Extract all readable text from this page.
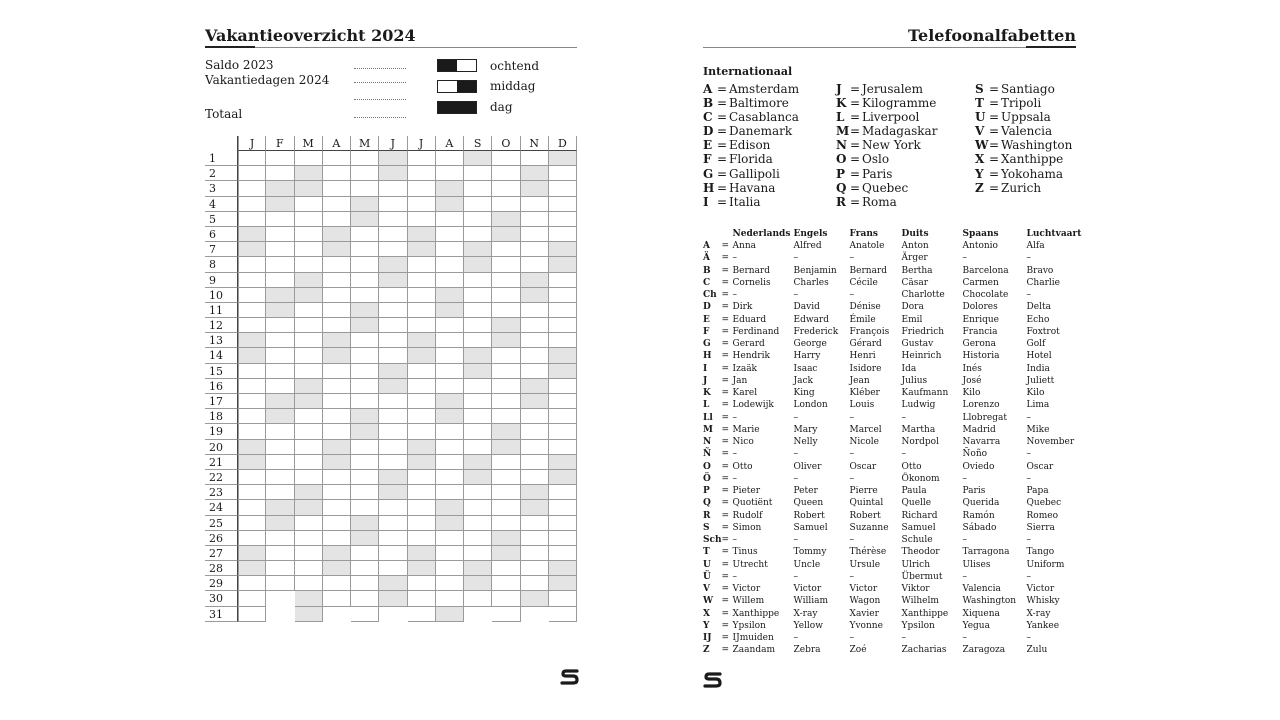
Vakantieoverzicht 2024
Saldo 2023
Vakantiedagen 2024
Totaal
ochtend
middag
dag
J	F	M	A	M	J	J	A	S	O	N	D
1
2
3
4
5
6
7
8
9
10
11
12
13
14
15
16
17
18
19
20
21
22
23
24
25
26
27
28
29
30
31
Telefoonalfabetten
Internationaal
A = Amsterdam
B = Baltimore
C = Casablanca
D = Danemark
E = Edison
F = Florida
G = Gallipoli
H = Havana
I = Italia
J = Jerusalem
K = Kilogramme
L = Liverpool
M = Madagaskar
N = New York
O = Oslo
P = Paris
Q = Quebec
R = Roma
S = Santiago
T = Tripoli
U = Uppsala
V = Valencia
W = Washington
X = Xanthippe
Y = Yokohama
Z = Zurich
		Nederlands	Engels	Frans	Duits	Spaans	Luchtvaart
A	=	Anna	Alfred	Anatole	Anton	Antonio	Alfa
Ä	=	–	–	–	Ärger	–	–
B	=	Bernard	Benjamin	Bernard	Bertha	Barcelona	Bravo
C	=	Cornelis	Charles	Cécile	Cäsar	Carmen	Charlie
Ch	=	–	–	–	Charlotte	Chocolate	–
D	=	Dirk	David	Dénise	Dora	Dolores	Delta
E	=	Eduard	Edward	Émile	Emil	Enrique	Echo
F	=	Ferdinand	Frederick	François	Friedrich	Francia	Foxtrot
G	=	Gerard	George	Gérard	Gustav	Gerona	Golf
H	=	Hendrik	Harry	Henri	Heinrich	Historia	Hotel
I	=	Izaäk	Isaac	Isidore	Ida	Inés	India
J	=	Jan	Jack	Jean	Julius	José	Juliett
K	=	Karel	King	Kléber	Kaufmann	Kilo	Kilo
L	=	Lodewijk	London	Louis	Ludwig	Lorenzo	Lima
Ll	=	–	–	–	–	Llobregat	–
M	=	Marie	Mary	Marcel	Martha	Madrid	Mike
N	=	Nico	Nelly	Nicole	Nordpol	Navarra	November
Ñ	=	–	–	–	–	Ñoño	–
O	=	Otto	Oliver	Oscar	Otto	Oviedo	Oscar
Ö	=	–	–	–	Ökonom	–	–
P	=	Pieter	Peter	Pierre	Paula	Paris	Papa
Q	=	Quotiënt	Queen	Quintal	Quelle	Querida	Quebec
R	=	Rudolf	Robert	Robert	Richard	Ramón	Romeo
S	=	Simon	Samuel	Suzanne	Samuel	Sábado	Sierra
Sch	=	–	–	–	Schule	–	–
T	=	Tinus	Tommy	Thérèse	Theodor	Tarragona	Tango
U	=	Utrecht	Uncle	Ursule	Ulrich	Ulises	Uniform
Ü	=	–	–	–	Übermut	–	–
V	=	Victor	Victor	Victor	Viktor	Valencia	Victor
W	=	Willem	William	Wagon	Wilhelm	Washington	Whisky
X	=	Xanthippe	X-ray	Xavier	Xanthippe	Xiquena	X-ray
Y	=	Ypsilon	Yellow	Yvonne	Ypsilon	Yegua	Yankee
IJ	=	IJmuiden	–	–	–	–	–
Z	=	Zaandam	Zebra	Zoé	Zacharias	Zaragoza	Zulu
